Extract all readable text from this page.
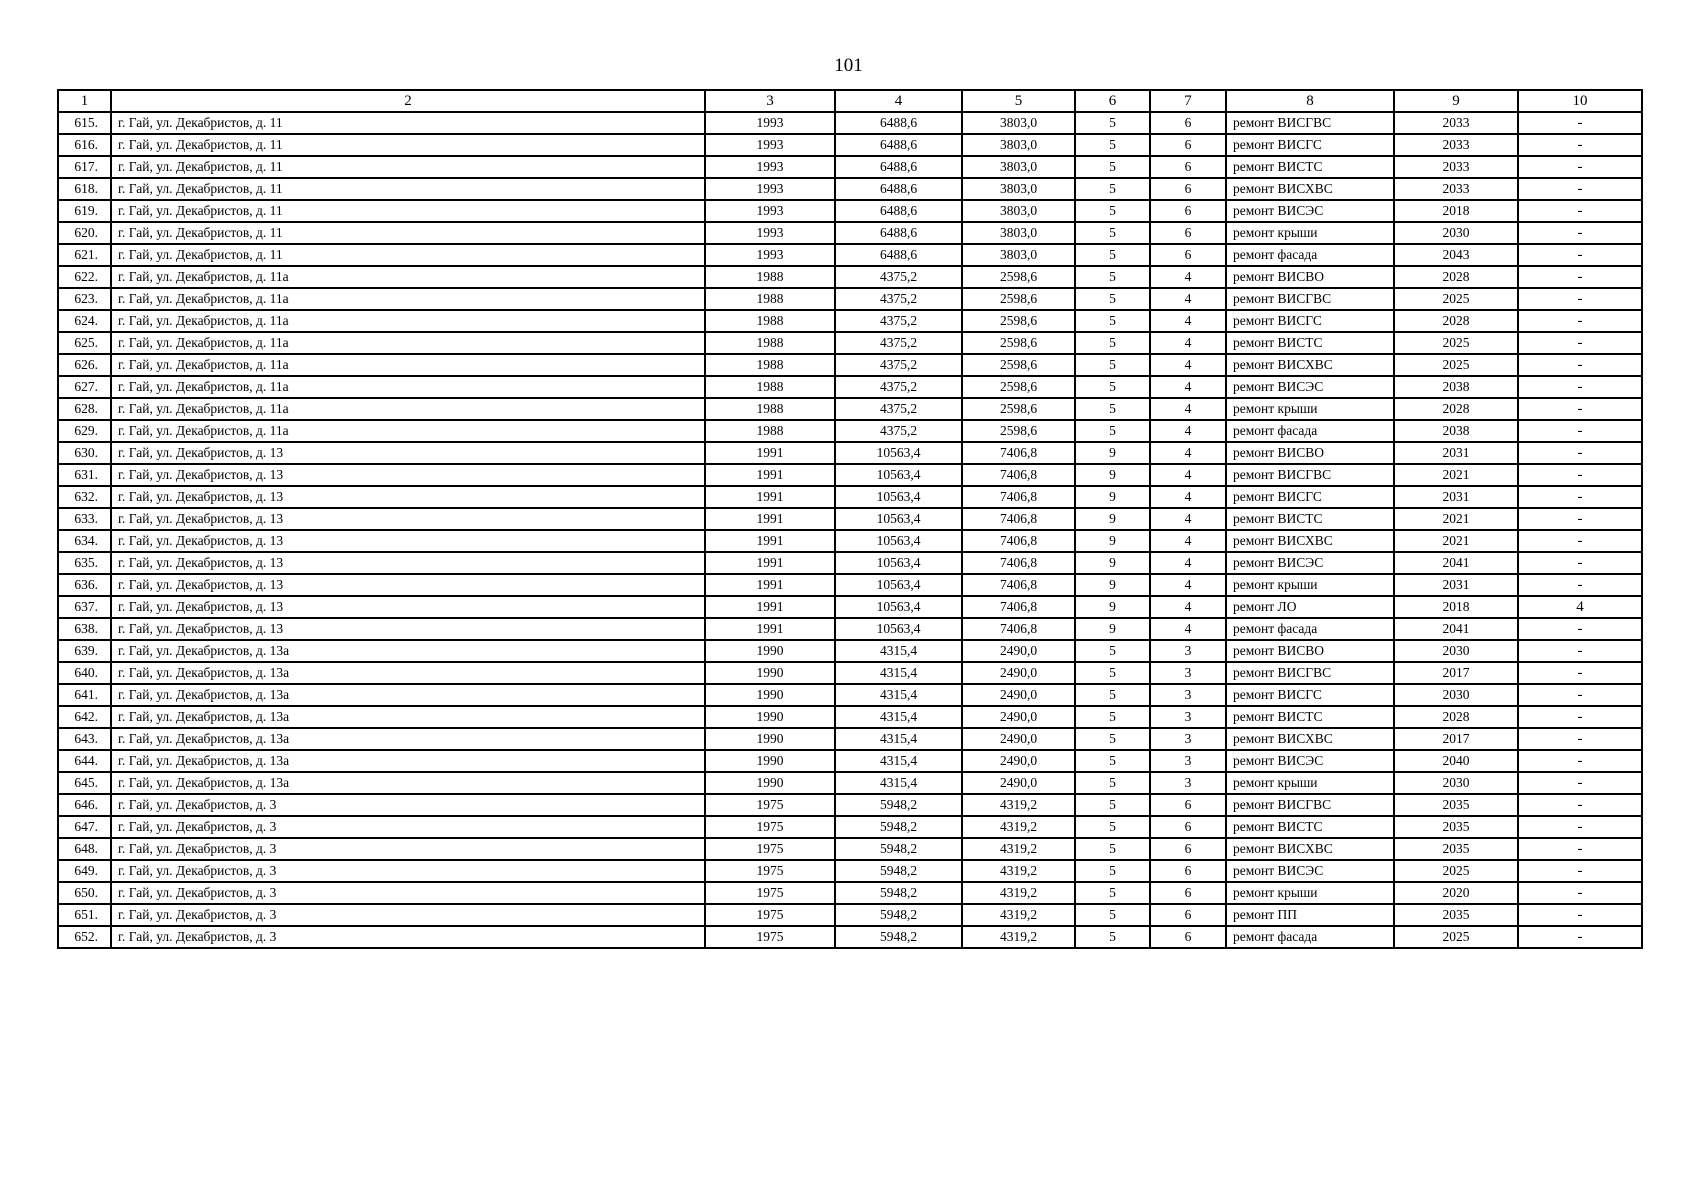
101
1	2	3	4	5	6	7	8	9	10
615.	г. Гай, ул. Декабристов, д. 11	1993	6488,6	3803,0	5	6	ремонт ВИСГВС	2033	-
616.	г. Гай, ул. Декабристов, д. 11	1993	6488,6	3803,0	5	6	ремонт ВИСГС	2033	-
617.	г. Гай, ул. Декабристов, д. 11	1993	6488,6	3803,0	5	6	ремонт ВИСТС	2033	-
618.	г. Гай, ул. Декабристов, д. 11	1993	6488,6	3803,0	5	6	ремонт ВИСХВС	2033	-
619.	г. Гай, ул. Декабристов, д. 11	1993	6488,6	3803,0	5	6	ремонт ВИСЭС	2018	-
620.	г. Гай, ул. Декабристов, д. 11	1993	6488,6	3803,0	5	6	ремонт крыши	2030	-
621.	г. Гай, ул. Декабристов, д. 11	1993	6488,6	3803,0	5	6	ремонт фасада	2043	-
622.	г. Гай, ул. Декабристов, д. 11а	1988	4375,2	2598,6	5	4	ремонт ВИСВО	2028	-
623.	г. Гай, ул. Декабристов, д. 11а	1988	4375,2	2598,6	5	4	ремонт ВИСГВС	2025	-
624.	г. Гай, ул. Декабристов, д. 11а	1988	4375,2	2598,6	5	4	ремонт ВИСГС	2028	-
625.	г. Гай, ул. Декабристов, д. 11а	1988	4375,2	2598,6	5	4	ремонт ВИСТС	2025	-
626.	г. Гай, ул. Декабристов, д. 11а	1988	4375,2	2598,6	5	4	ремонт ВИСХВС	2025	-
627.	г. Гай, ул. Декабристов, д. 11а	1988	4375,2	2598,6	5	4	ремонт ВИСЭС	2038	-
628.	г. Гай, ул. Декабристов, д. 11а	1988	4375,2	2598,6	5	4	ремонт крыши	2028	-
629.	г. Гай, ул. Декабристов, д. 11а	1988	4375,2	2598,6	5	4	ремонт фасада	2038	-
630.	г. Гай, ул. Декабристов, д. 13	1991	10563,4	7406,8	9	4	ремонт ВИСВО	2031	-
631.	г. Гай, ул. Декабристов, д. 13	1991	10563,4	7406,8	9	4	ремонт ВИСГВС	2021	-
632.	г. Гай, ул. Декабристов, д. 13	1991	10563,4	7406,8	9	4	ремонт ВИСГС	2031	-
633.	г. Гай, ул. Декабристов, д. 13	1991	10563,4	7406,8	9	4	ремонт ВИСТС	2021	-
634.	г. Гай, ул. Декабристов, д. 13	1991	10563,4	7406,8	9	4	ремонт ВИСХВС	2021	-
635.	г. Гай, ул. Декабристов, д. 13	1991	10563,4	7406,8	9	4	ремонт ВИСЭС	2041	-
636.	г. Гай, ул. Декабристов, д. 13	1991	10563,4	7406,8	9	4	ремонт крыши	2031	-
637.	г. Гай, ул. Декабристов, д. 13	1991	10563,4	7406,8	9	4	ремонт ЛО	2018	4
638.	г. Гай, ул. Декабристов, д. 13	1991	10563,4	7406,8	9	4	ремонт фасада	2041	-
639.	г. Гай, ул. Декабристов, д. 13а	1990	4315,4	2490,0	5	3	ремонт ВИСВО	2030	-
640.	г. Гай, ул. Декабристов, д. 13а	1990	4315,4	2490,0	5	3	ремонт ВИСГВС	2017	-
641.	г. Гай, ул. Декабристов, д. 13а	1990	4315,4	2490,0	5	3	ремонт ВИСГС	2030	-
642.	г. Гай, ул. Декабристов, д. 13а	1990	4315,4	2490,0	5	3	ремонт ВИСТС	2028	-
643.	г. Гай, ул. Декабристов, д. 13а	1990	4315,4	2490,0	5	3	ремонт ВИСХВС	2017	-
644.	г. Гай, ул. Декабристов, д. 13а	1990	4315,4	2490,0	5	3	ремонт ВИСЭС	2040	-
645.	г. Гай, ул. Декабристов, д. 13а	1990	4315,4	2490,0	5	3	ремонт крыши	2030	-
646.	г. Гай, ул. Декабристов, д. 3	1975	5948,2	4319,2	5	6	ремонт ВИСГВС	2035	-
647.	г. Гай, ул. Декабристов, д. 3	1975	5948,2	4319,2	5	6	ремонт ВИСТС	2035	-
648.	г. Гай, ул. Декабристов, д. 3	1975	5948,2	4319,2	5	6	ремонт ВИСХВС	2035	-
649.	г. Гай, ул. Декабристов, д. 3	1975	5948,2	4319,2	5	6	ремонт ВИСЭС	2025	-
650.	г. Гай, ул. Декабристов, д. 3	1975	5948,2	4319,2	5	6	ремонт крыши	2020	-
651.	г. Гай, ул. Декабристов, д. 3	1975	5948,2	4319,2	5	6	ремонт ПП	2035	-
652.	г. Гай, ул. Декабристов, д. 3	1975	5948,2	4319,2	5	6	ремонт фасада	2025	-
